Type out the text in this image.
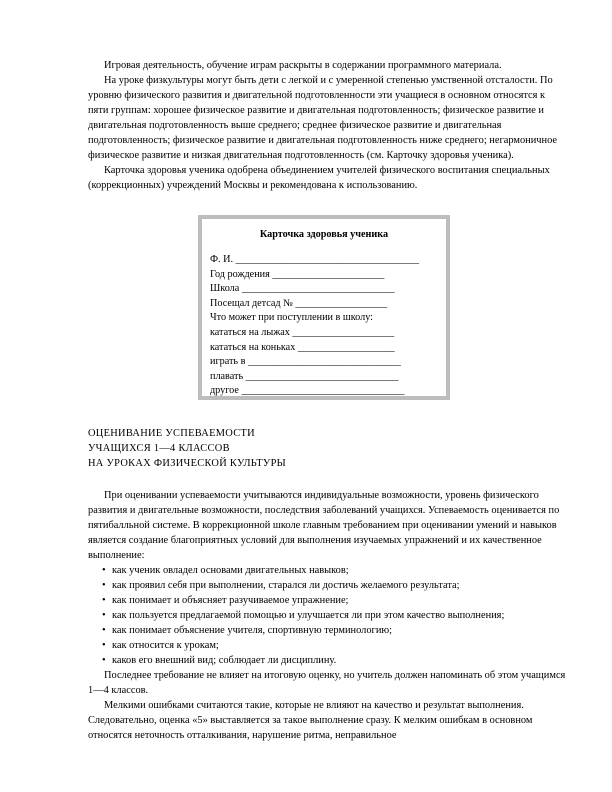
Игровая деятельность, обучение играм раскрыты в содержании программного материала.

На уроке физкультуры могут быть дети с легкой и с умеренной степенью умственной отсталости. По уровню физического развития и двигательной подготовленности эти учащиеся в основном относятся к пяти группам: хорошее физическое развитие и двигательная подготовленность; физическое развитие и двигательная подготовленность выше среднего; среднее физическое развитие и двигательная подготовленность; физическое развитие и двигательная подготовленность ниже среднего; негармоничное физическое развитие и низкая двигательная подготовленность (см. Карточку здоровья ученика).

Карточка здоровья ученика одобрена объединением учителей физического воспитания специальных (коррекционных) учреждений Москвы и рекомендована к использованию.

Карточка здоровья ученика
Ф. И. ____________________________________
Год рождения ______________________
Школа ______________________________
Посещал детсад № __________________
Что может при поступлении в школу:
кататься на лыжах ____________________
кататься на коньках ___________________
играть в ______________________________
плавать ______________________________
другое ________________________________
ОЦЕНИВАНИЕ УСПЕВАЕМОСТИ
УЧАЩИХСЯ 1—4 КЛАССОВ
НА УРОКАХ ФИЗИЧЕСКОЙ КУЛЬТУРЫ

При оценивании успеваемости учитываются индивидуальные возможности, уровень физического развития и двигательные возможности, последствия заболеваний учащихся. Успеваемость оценивается по пятибалльной системе. В коррекционной школе главным требованием при оценивании умений и навыков является создание благоприятных условий для выполнения изучаемых упражнений и их качественное выполнение:

• как ученик овладел основами двигательных навыков;
• как проявил себя при выполнении, старался ли достичь желаемого результата;
• как понимает и объясняет разучиваемое упражнение;
• как пользуется предлагаемой помощью и улучшается ли при этом качество выполнения;
• как понимает объяснение учителя, спортивную терминологию;
• как относится к урокам;
• каков его внешний вид; соблюдает ли дисциплину.

Последнее требование не влияет на итоговую оценку, но учитель должен напоминать об этом учащимся 1—4 классов.

Мелкими ошибками считаются такие, которые не влияют на качество и результат выполнения. Следовательно, оценка «5» выставляется за такое выполнение сразу. К мелким ошибкам в основном относятся неточность отталкивания, нарушение ритма, неправильное
